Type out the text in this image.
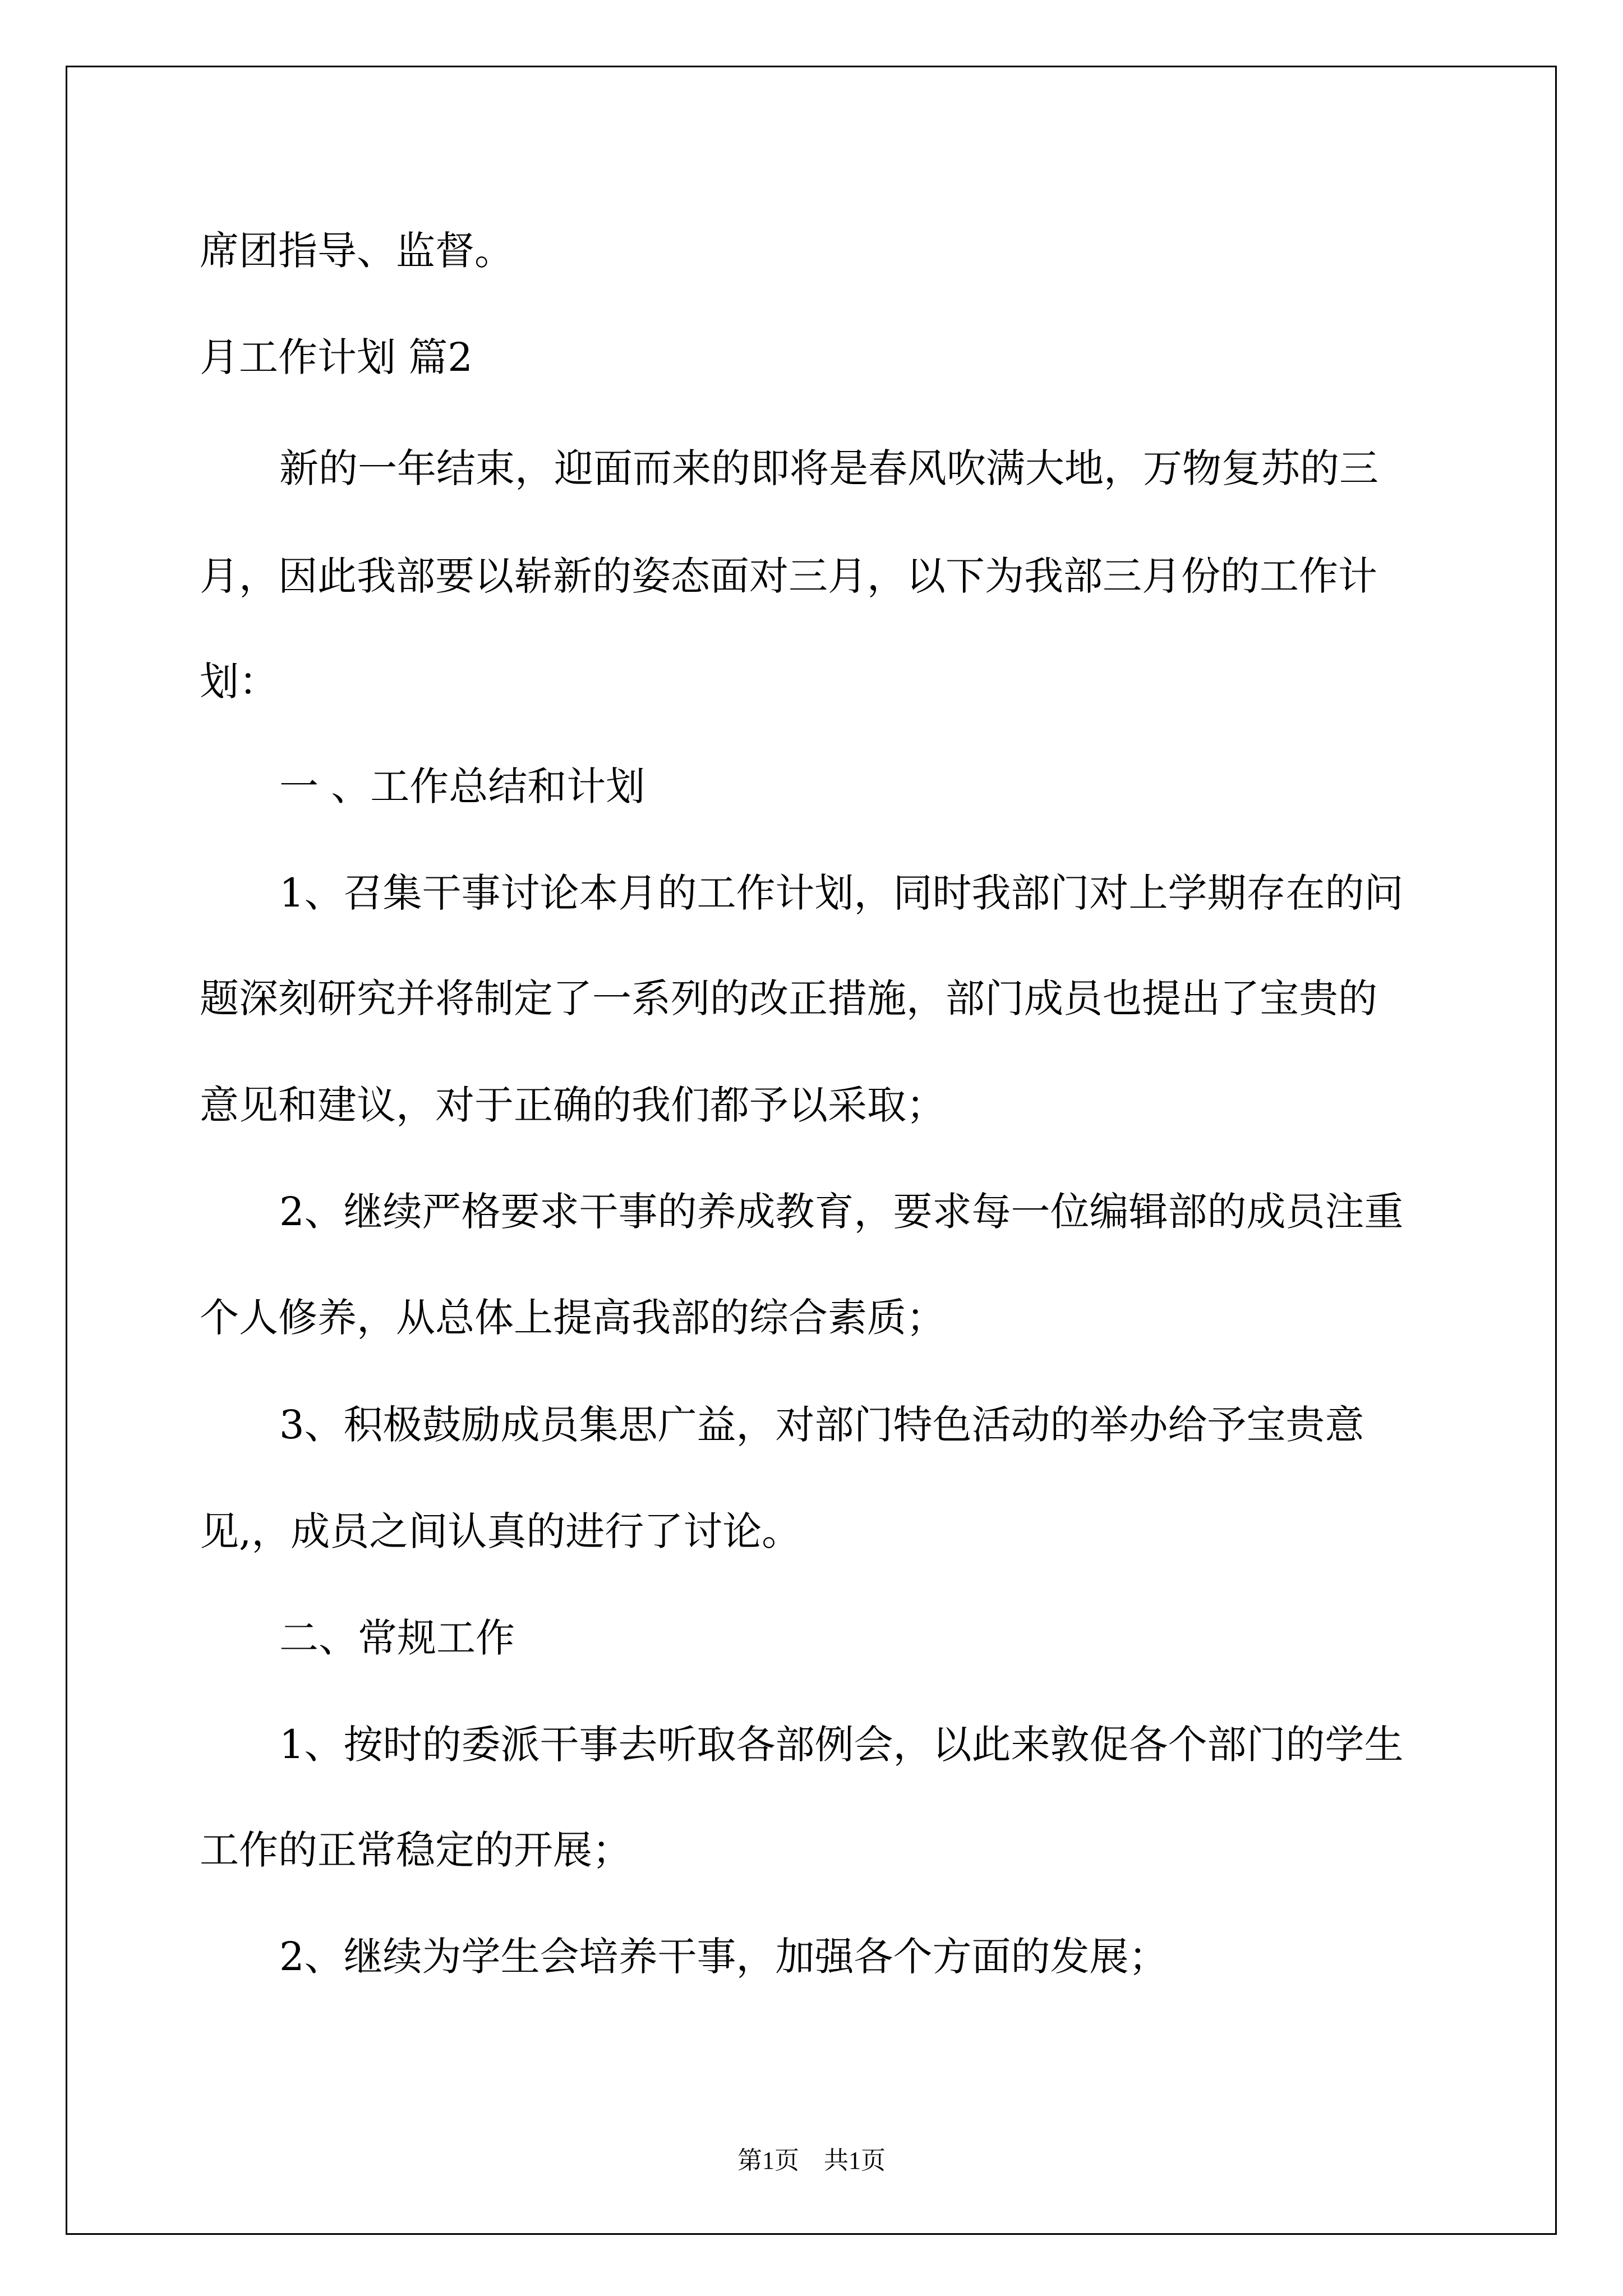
席团指导、监督。

月工作计划 篇2

新的一年结束，迎面而来的即将是春风吹满大地，万物复苏的三

月，因此我部要以崭新的姿态面对三月，以下为我部三月份的工作计

划：

一 、工作总结和计划

1、召集干事讨论本月的工作计划，同时我部门对上学期存在的问

题深刻研究并将制定了一系列的改正措施，部门成员也提出了宝贵的

意见和建议，对于正确的我们都予以采取；

2、继续严格要求干事的养成教育，要求每一位编辑部的成员注重

个人修养，从总体上提高我部的综合素质；

3、积极鼓励成员集思广益，对部门特色活动的举办给予宝贵意

见,，成员之间认真的进行了讨论。

二、常规工作

1、按时的委派干事去听取各部例会，以此来敦促各个部门的学生

工作的正常稳定的开展；

2、继续为学生会培养干事，加强各个方面的发展；

第1页　共1页
